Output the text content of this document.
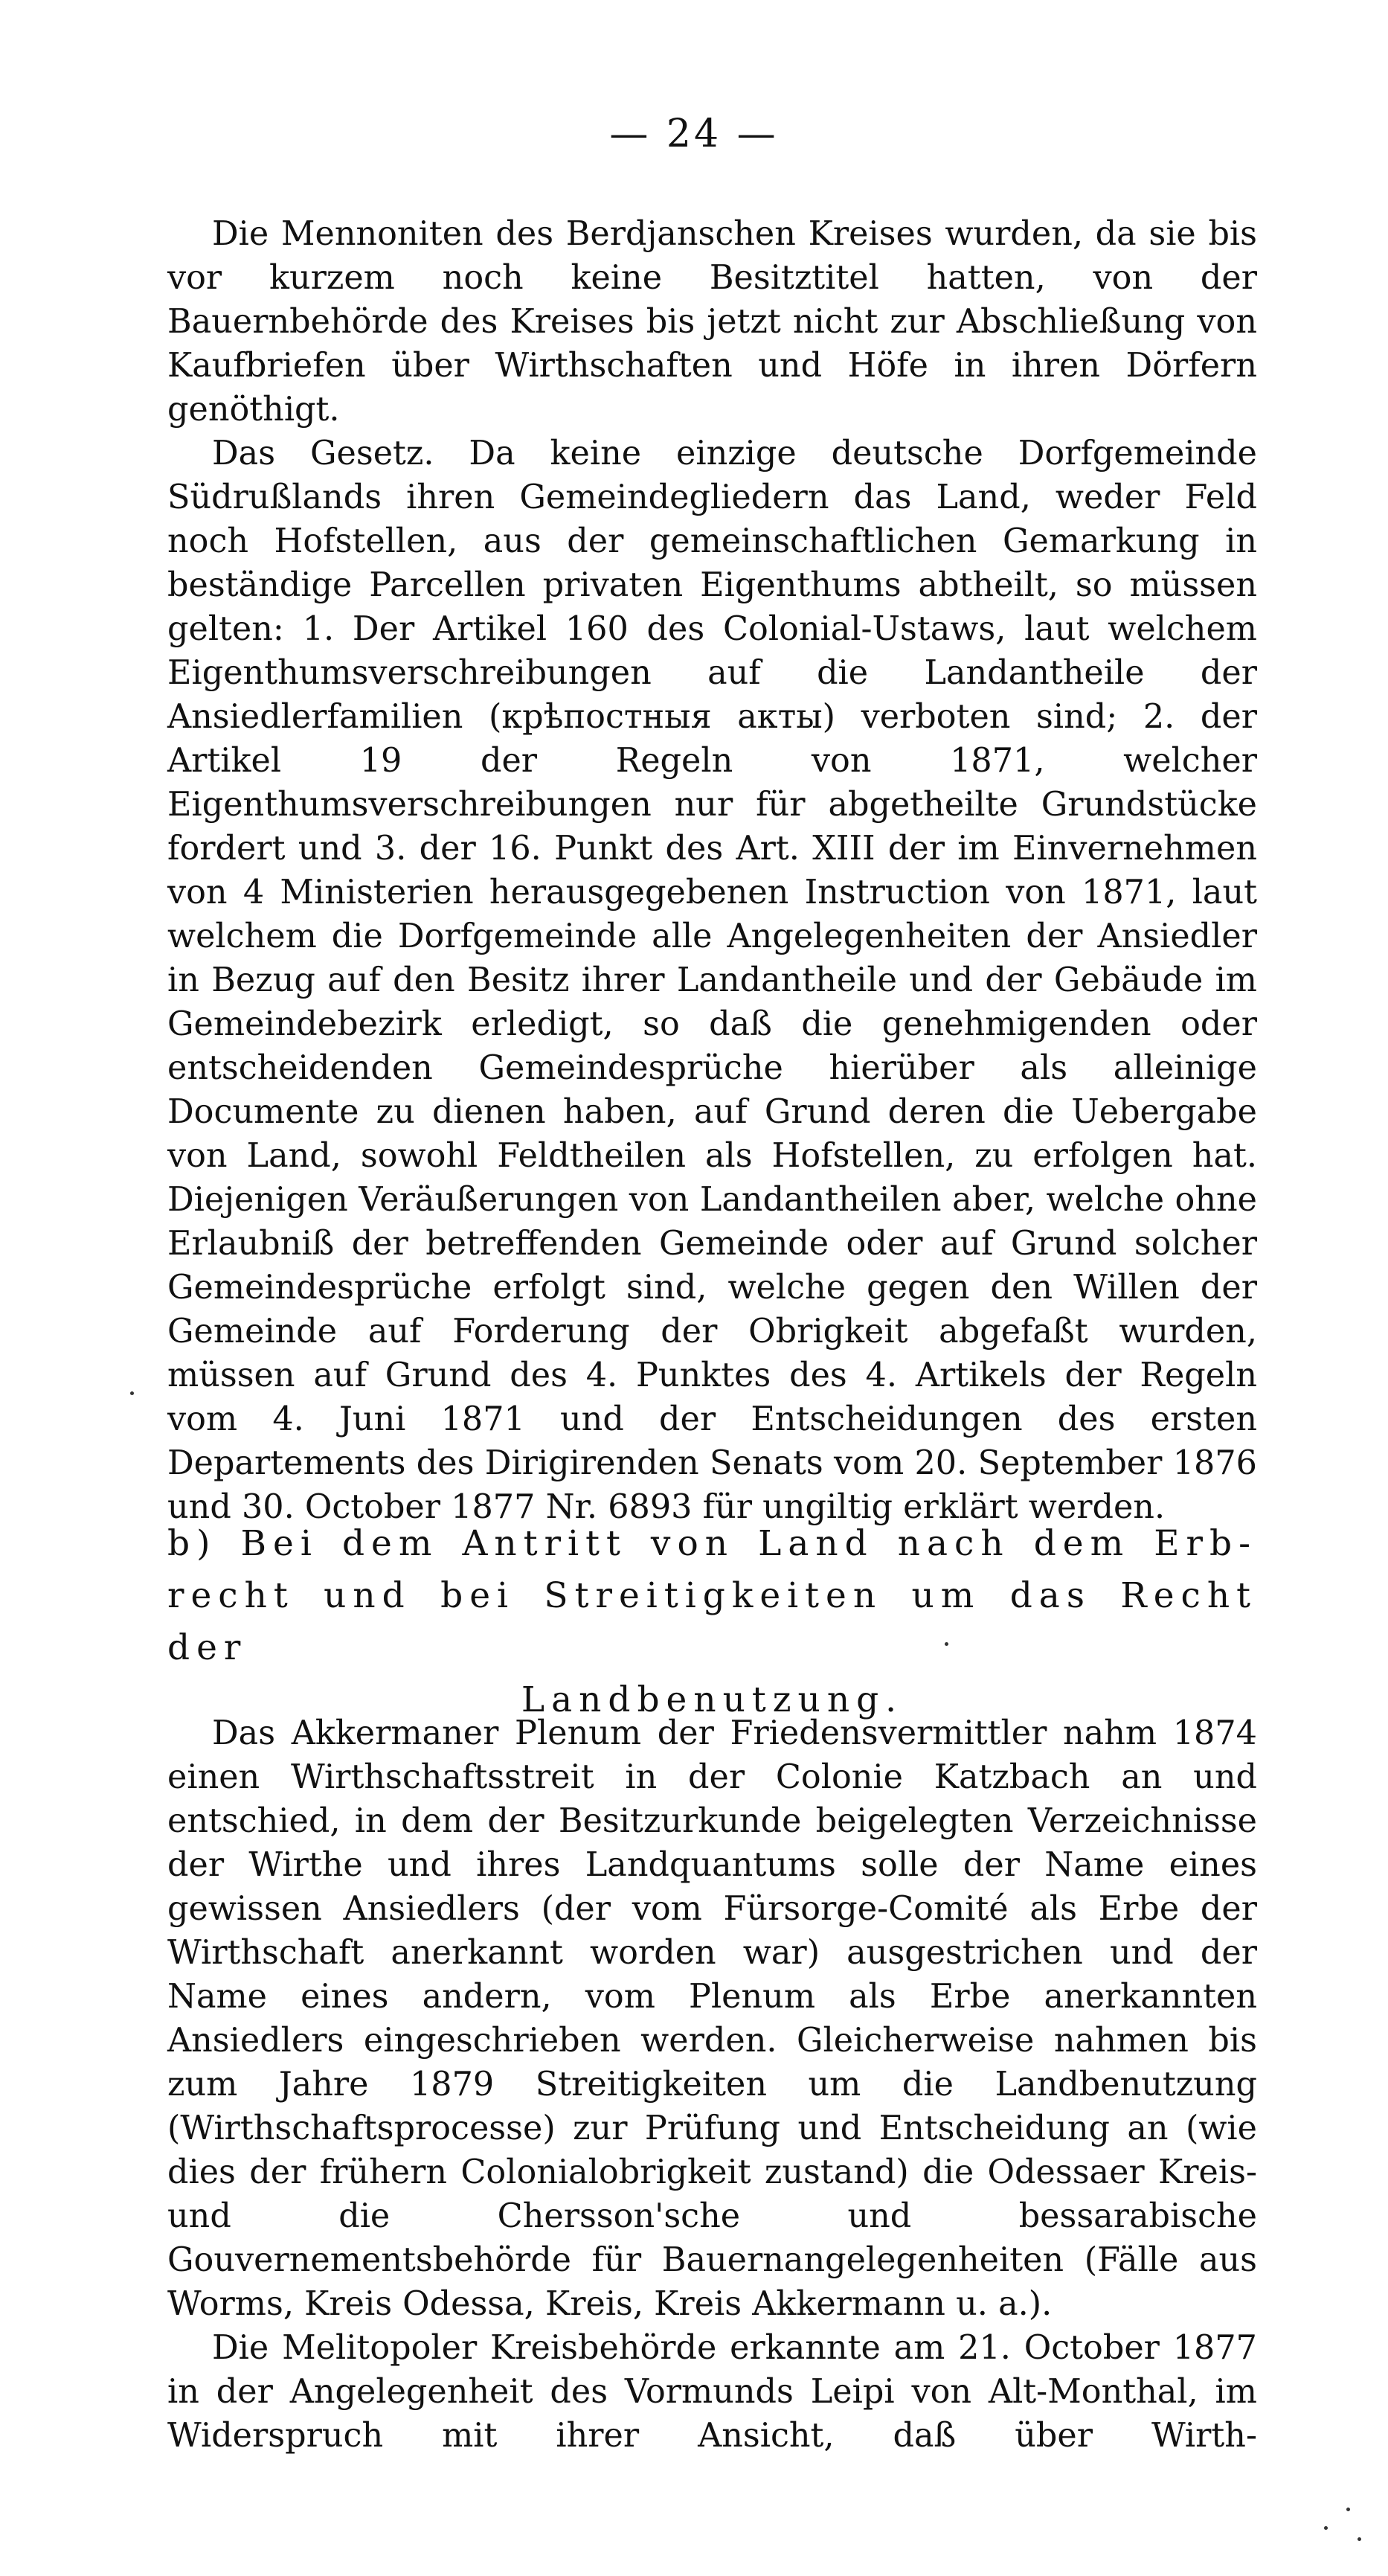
— 24 —

Die Mennoniten des Berdjanschen Kreises wurden, da sie bis vor kurzem noch keine Besitztitel hatten, von der Bauernbehörde des Kreises bis jetzt nicht zur Abschließung von Kaufbriefen über Wirthschaften und Höfe in ihren Dörfern genöthigt.

Das Gesetz. Da keine einzige deutsche Dorfgemeinde Südrußlands ihren Gemeindegliedern das Land, weder Feld noch Hofstellen, aus der gemeinschaftlichen Gemarkung in beständige Parcellen privaten Eigenthums abtheilt, so müssen gelten: 1. Der Artikel 160 des Colonial-Ustaws, laut welchem Eigenthumsverschreibungen auf die Landantheile der Ansiedlerfamilien (крѣпостныя акты) verboten sind; 2. der Artikel 19 der Regeln von 1871, welcher Eigenthumsverschreibungen nur für abgetheilte Grundstücke fordert und 3. der 16. Punkt des Art. XIII der im Einvernehmen von 4 Ministerien herausgegebenen Instruction von 1871, laut welchem die Dorfgemeinde alle Angelegenheiten der Ansiedler in Bezug auf den Besitz ihrer Landantheile und der Gebäude im Gemeindebezirk erledigt, so daß die genehmigenden oder entscheidenden Gemeindesprüche hierüber als alleinige Documente zu dienen haben, auf Grund deren die Uebergabe von Land, sowohl Feldtheilen als Hofstellen, zu erfolgen hat. Diejenigen Veräußerungen von Landantheilen aber, welche ohne Erlaubniß der betreffenden Gemeinde oder auf Grund solcher Gemeindesprüche erfolgt sind, welche gegen den Willen der Gemeinde auf Forderung der Obrigkeit abgefaßt wurden, müssen auf Grund des 4. Punktes des 4. Artikels der Regeln vom 4. Juni 1871 und der Entscheidungen des ersten Departements des Dirigirenden Senats vom 20. September 1876 und 30. October 1877 Nr. 6893 für ungiltig erklärt werden.

b) Bei dem Antritt von Land nach dem Erb-
recht und bei Streitigkeiten um das Recht der
Landbenutzung.

Das Akkermaner Plenum der Friedensvermittler nahm 1874 einen Wirthschaftsstreit in der Colonie Katzbach an und entschied, in dem der Besitzurkunde beigelegten Verzeichnisse der Wirthe und ihres Landquantums solle der Name eines gewissen Ansiedlers (der vom Fürsorge-Comité als Erbe der Wirthschaft anerkannt worden war) ausgestrichen und der Name eines andern, vom Plenum als Erbe anerkannten Ansiedlers eingeschrieben werden. Gleicherweise nahmen bis zum Jahre 1879 Streitigkeiten um die Landbenutzung (Wirthschaftsprocesse) zur Prüfung und Entscheidung an (wie dies der frühern Colonialobrigkeit zustand) die Odessaer Kreis- und die Chersson'sche und bessarabische Gouvernementsbehörde für Bauernangelegenheiten (Fälle aus Worms, Kreis Odessa, Kreis, Kreis Akkermann u. a.).

Die Melitopoler Kreisbehörde erkannte am 21. October 1877 in der Angelegenheit des Vormunds Leipi von Alt-Monthal, im Widerspruch mit ihrer Ansicht, daß über Wirth-
